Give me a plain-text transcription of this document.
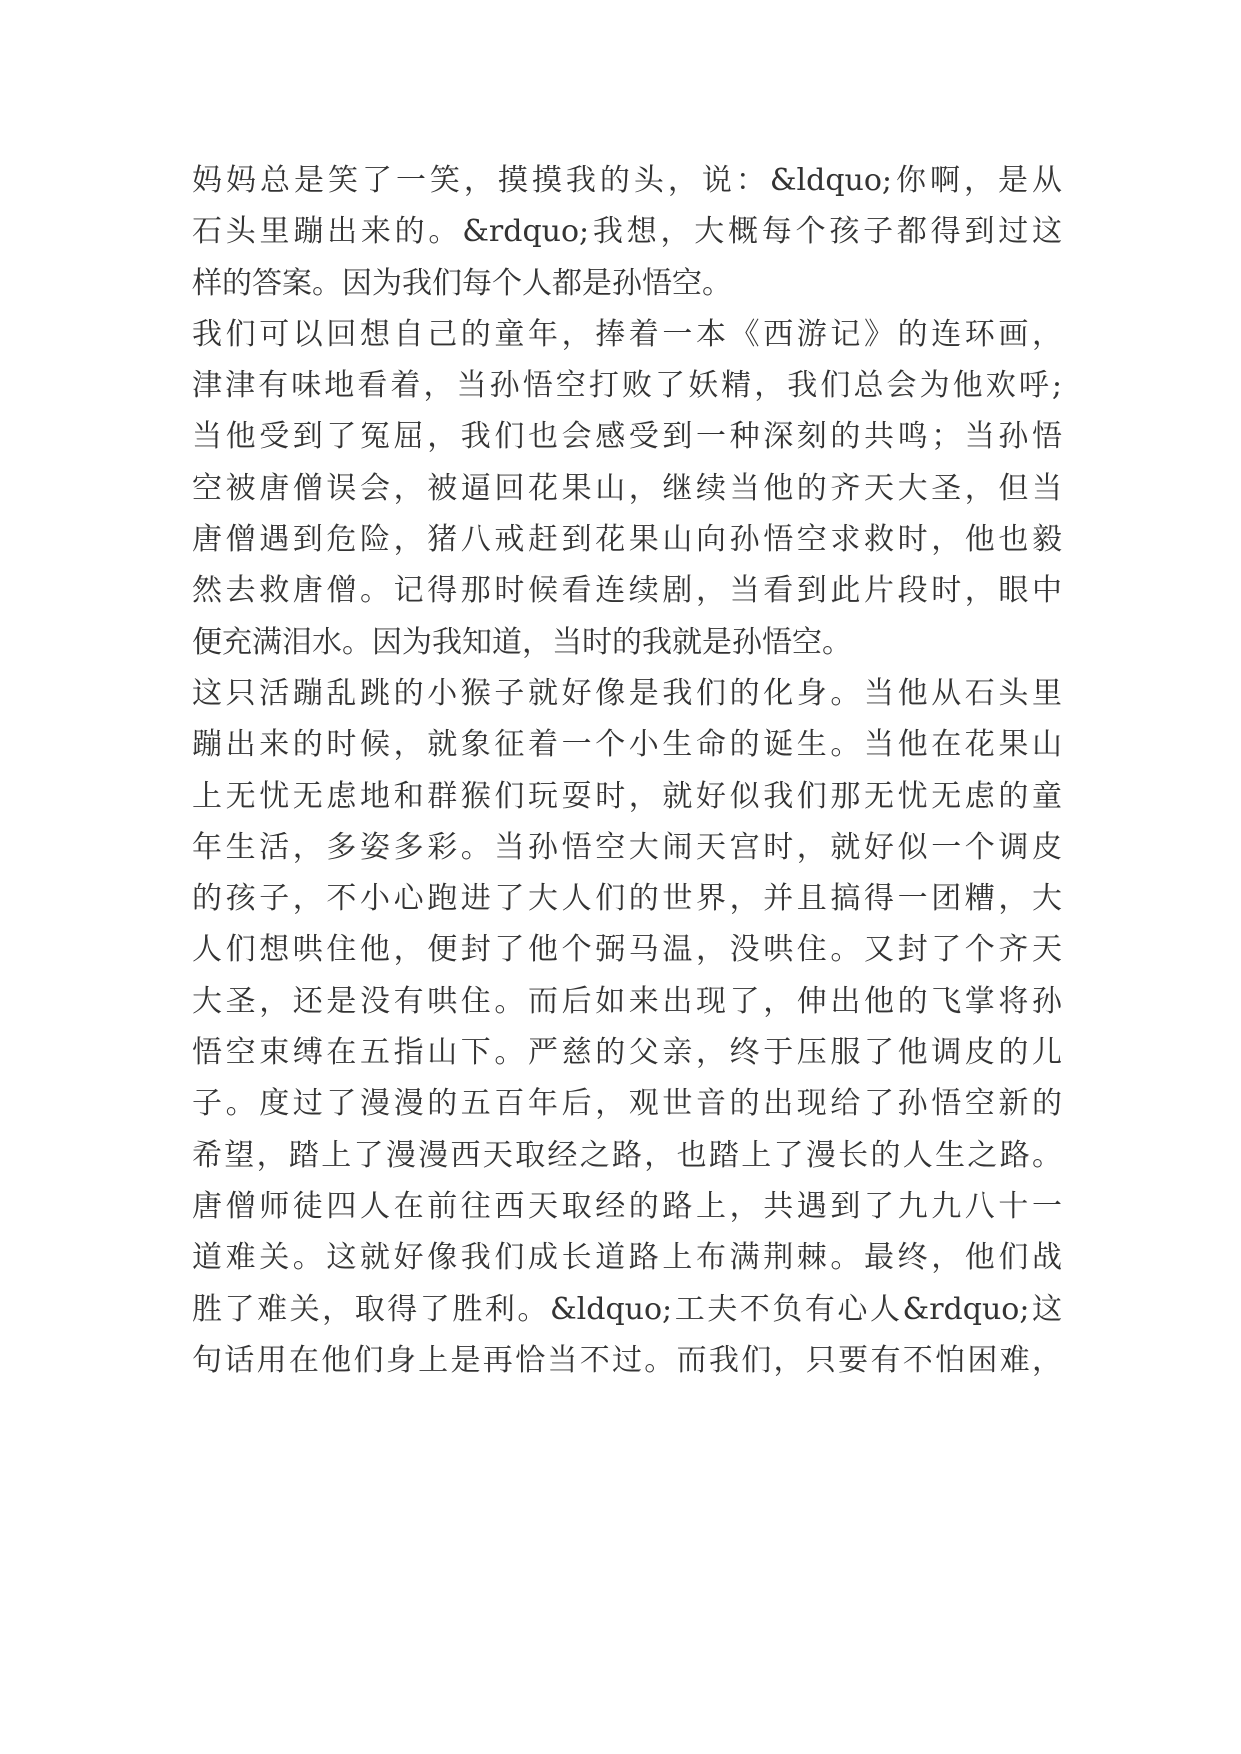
妈妈总是笑了一笑，摸摸我的头，说：&ldquo;你啊，是从
石头里蹦出来的。&rdquo;我想，大概每个孩子都得到过这
样的答案。因为我们每个人都是孙悟空。
我们可以回想自己的童年，捧着一本《西游记》的连环画，
津津有味地看着，当孙悟空打败了妖精，我们总会为他欢呼;
当他受到了冤屈，我们也会感受到一种深刻的共鸣；当孙悟
空被唐僧误会，被逼回花果山，继续当他的齐天大圣，但当
唐僧遇到危险，猪八戒赶到花果山向孙悟空求救时，他也毅
然去救唐僧。记得那时候看连续剧，当看到此片段时，眼中
便充满泪水。因为我知道，当时的我就是孙悟空。
这只活蹦乱跳的小猴子就好像是我们的化身。当他从石头里
蹦出来的时候，就象征着一个小生命的诞生。当他在花果山
上无忧无虑地和群猴们玩耍时，就好似我们那无忧无虑的童
年生活，多姿多彩。当孙悟空大闹天宫时，就好似一个调皮
的孩子，不小心跑进了大人们的世界，并且搞得一团糟，大
人们想哄住他，便封了他个弼马温，没哄住。又封了个齐天
大圣，还是没有哄住。而后如来出现了，伸出他的飞掌将孙
悟空束缚在五指山下。严慈的父亲，终于压服了他调皮的儿
子。度过了漫漫的五百年后，观世音的出现给了孙悟空新的
希望，踏上了漫漫西天取经之路，也踏上了漫长的人生之路。
唐僧师徒四人在前往西天取经的路上，共遇到了九九八十一
道难关。这就好像我们成长道路上布满荆棘。最终，他们战
胜了难关，取得了胜利。&ldquo;工夫不负有心人&rdquo;这
句话用在他们身上是再恰当不过。而我们，只要有不怕困难，
